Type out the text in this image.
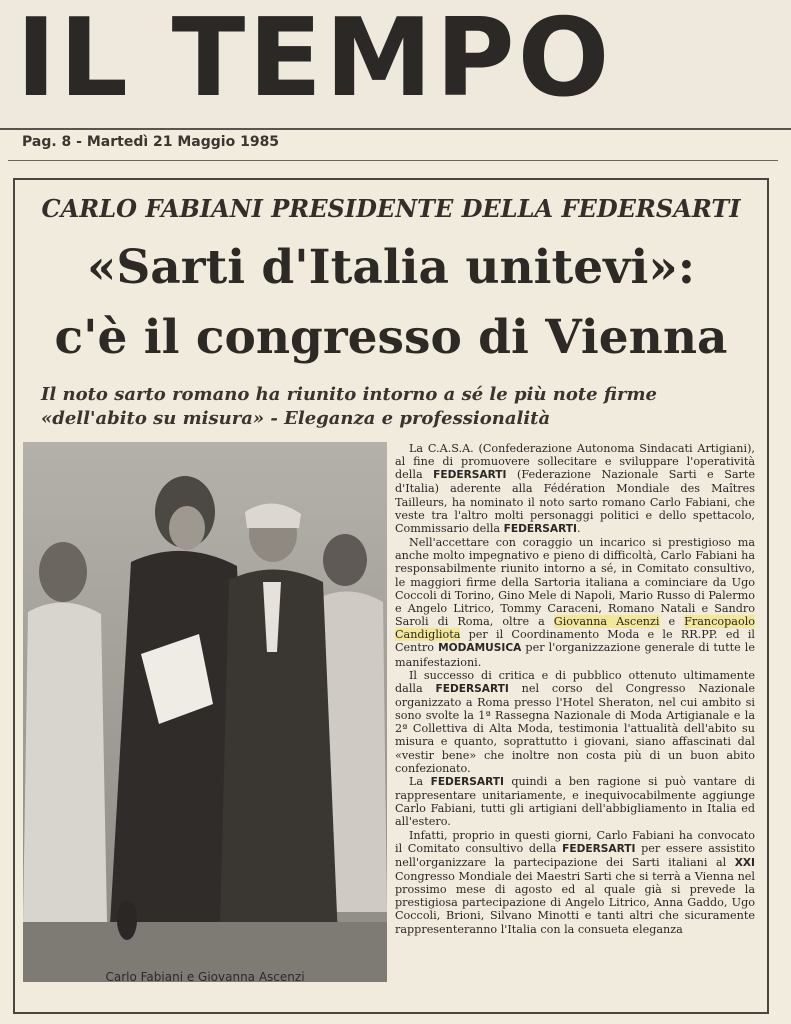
IL TEMPO
Pag. 8 - Martedì 21 Maggio 1985
CARLO FABIANI PRESIDENTE DELLA FEDERSARTI
«Sarti d'Italia unitevi»:
c'è il congresso di Vienna
Il noto sarto romano ha riunito intorno a sé le più note firme «dell'abito su misura» - Eleganza e professionalità
Carlo Fabiani e Giovanna Ascenzi

La C.A.S.A. (Confederazione Autonoma Sindacati Artigiani), al fine di promuovere sollecitare e sviluppare l'operatività della FEDERSARTI (Federazione Nazionale Sarti e Sarte d'Italia) aderente alla Fédération Mondiale des Maîtres Tailleurs, ha nominato il noto sarto romano Carlo Fabiani, che veste tra l'altro molti personaggi politici e dello spettacolo, Commissario della FEDERSARTI.

Nell'accettare con coraggio un incarico si prestigioso ma anche molto impegnativo e pieno di difficoltà, Carlo Fabiani ha responsabilmente riunito intorno a sé, in Comitato consultivo, le maggiori firme della Sartoria italiana a cominciare da Ugo Coccoli di Torino, Gino Mele di Napoli, Mario Russo di Palermo e Angelo Litrico, Tommy Caraceni, Romano Natali e Sandro Saroli di Roma, oltre a Giovanna Ascenzi e Francopaolo Candigliota per il Coordinamento Moda e le RR.PP. ed il Centro MODAMUSICA per l'organizzazione generale di tutte le manifestazioni.

Il successo di critica e di pubblico ottenuto ultimamente dalla FEDERSARTI nel corso del Congresso Nazionale organizzato a Roma presso l'Hotel Sheraton, nel cui ambito si sono svolte la 1ª Rassegna Nazionale di Moda Artigianale e la 2ª Collettiva di Alta Moda, testimonia l'attualità dell'abito su misura e quanto, soprattutto i giovani, siano affascinati dal «vestir bene» che inoltre non costa più di un buon abito confezionato.

La FEDERSARTI quindi a ben ragione si può vantare di rappresentare unitariamente, e inequivocabilmente aggiunge Carlo Fabiani, tutti gli artigiani dell'abbigliamento in Italia ed all'estero.

Infatti, proprio in questi giorni, Carlo Fabiani ha convocato il Comitato consultivo della FEDERSARTI per essere assistito nell'organizzare la partecipazione dei Sarti italiani al XXI Congresso Mondiale dei Maestri Sarti che si terrà a Vienna nel prossimo mese di agosto ed al quale già si prevede la prestigiosa partecipazione di Angelo Litrico, Anna Gaddo, Ugo Coccoli, Brioni, Silvano Minotti e tanti altri che sicuramente rappresenteranno l'Italia con la consueta eleganza
